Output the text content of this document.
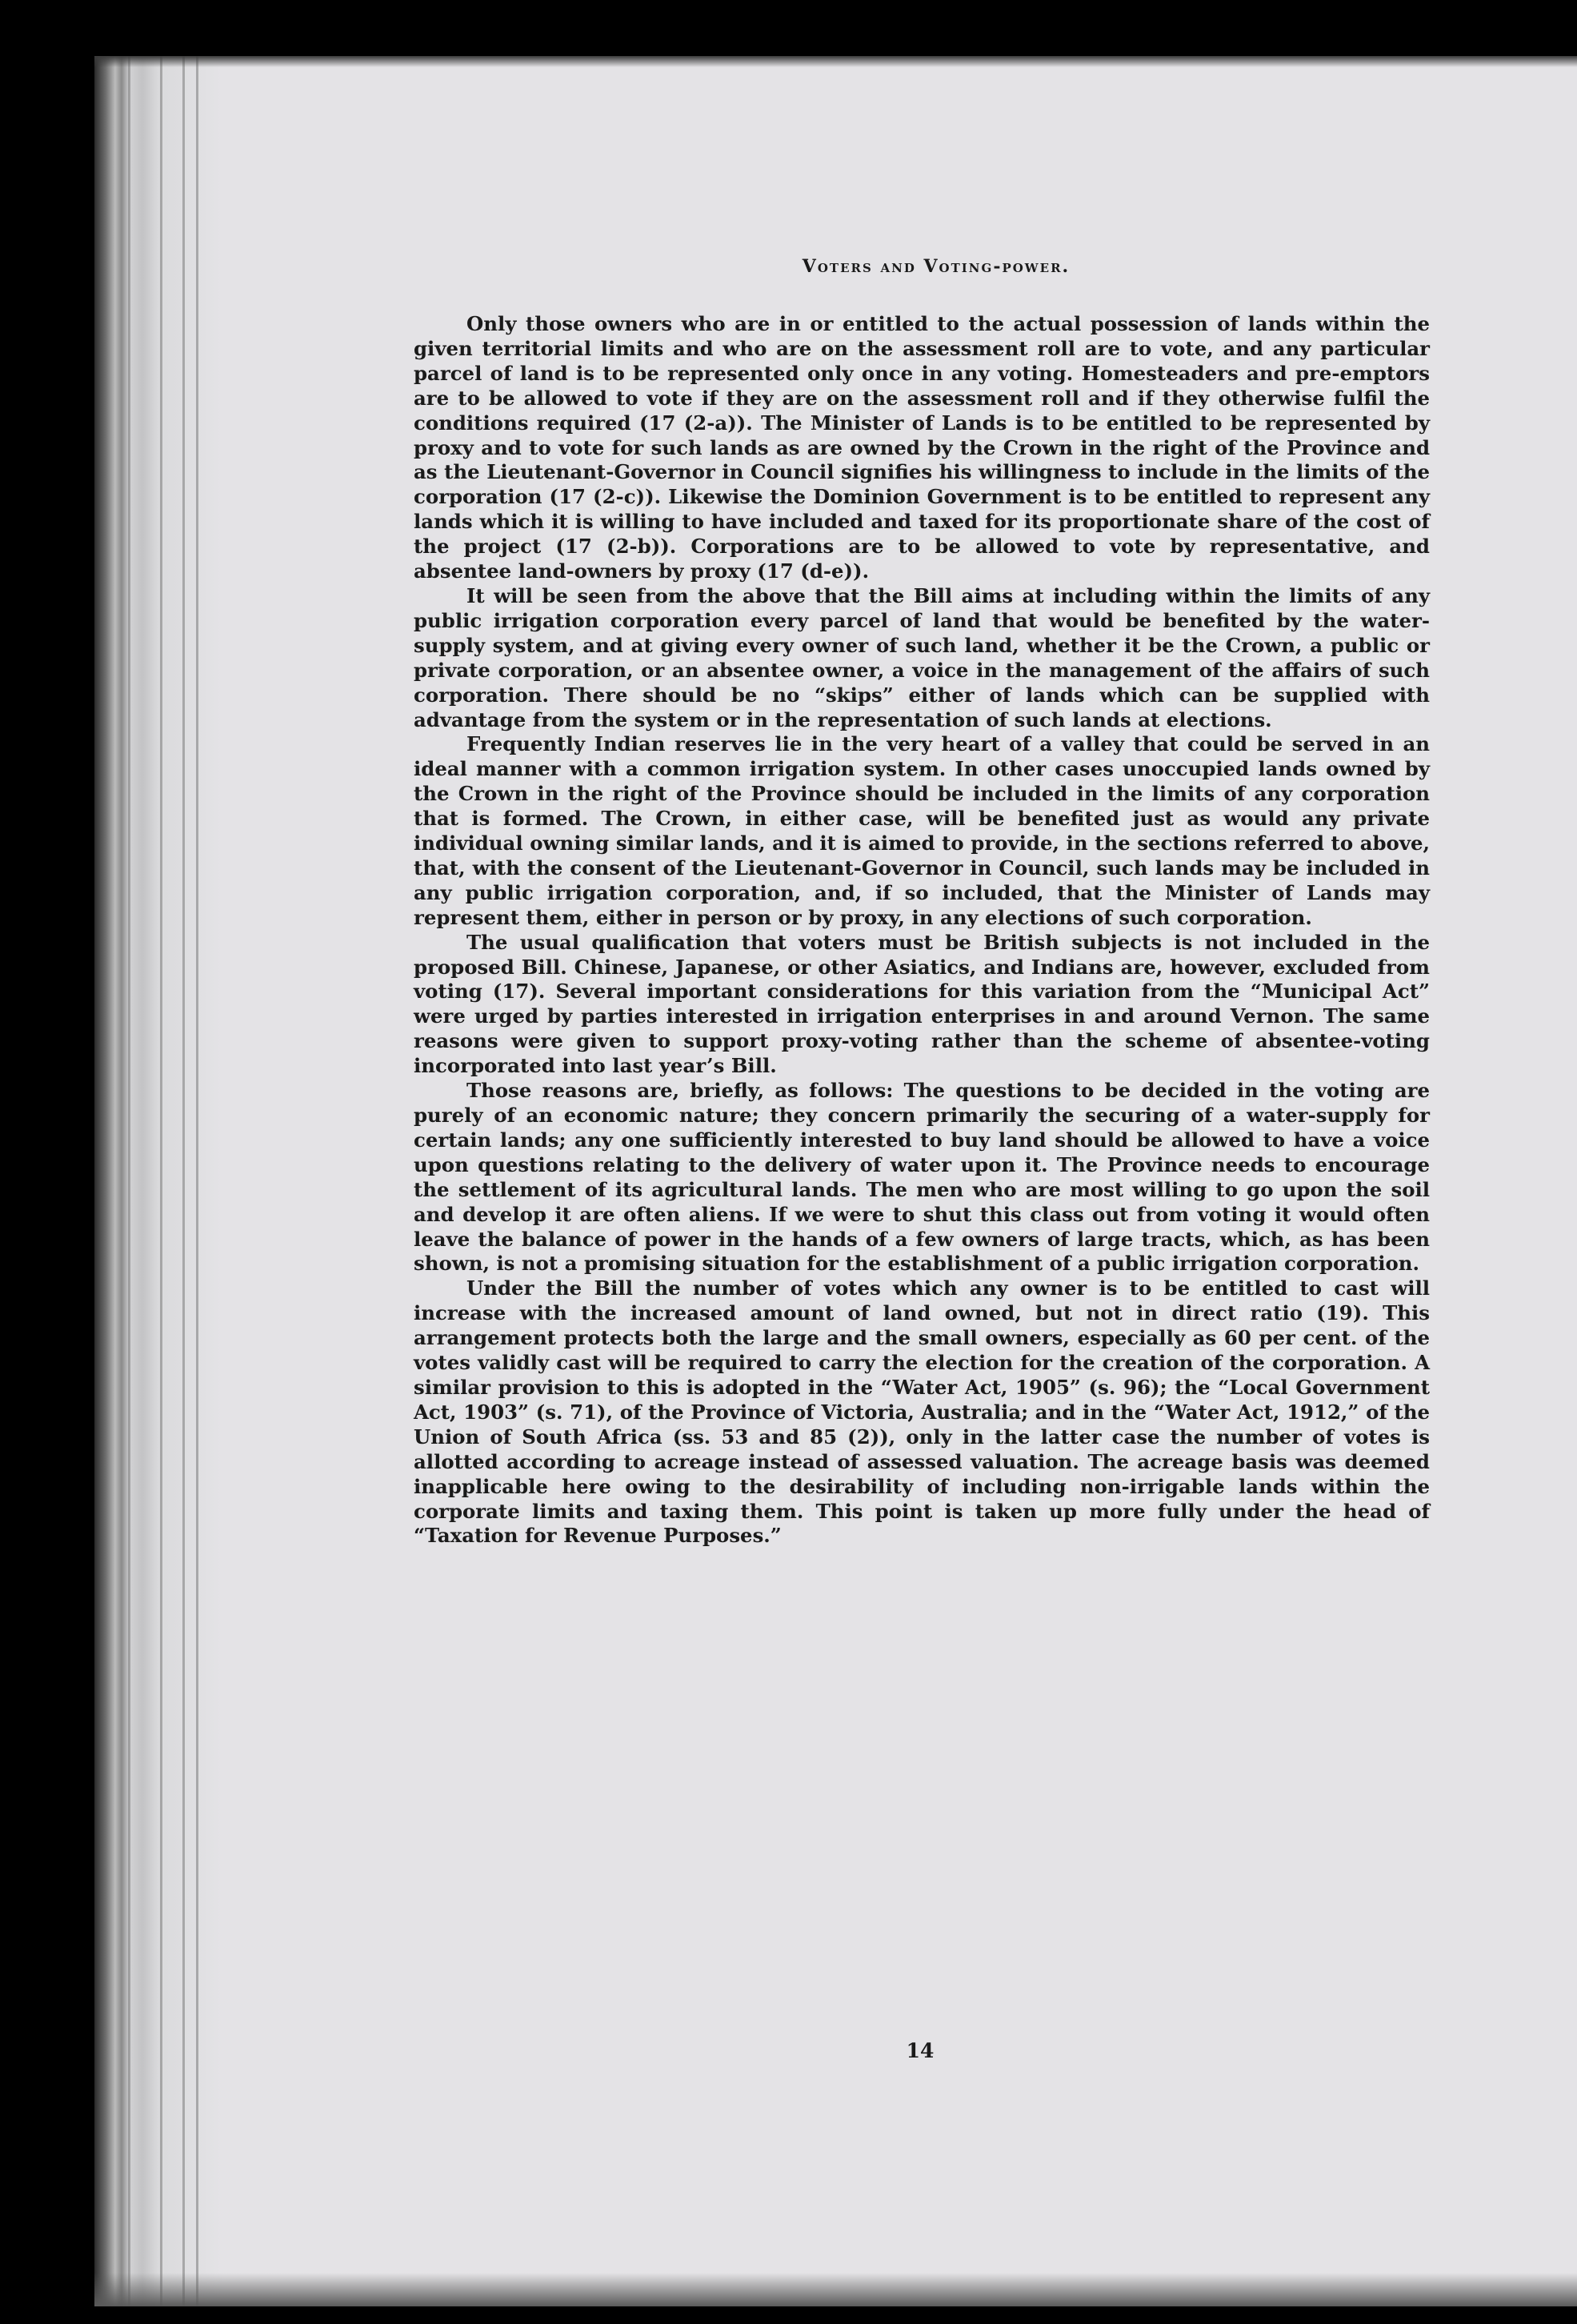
Voters and Voting-power.

Only those owners who are in or entitled to the actual possession of lands within the given territorial limits and who are on the assessment roll are to vote, and any particular parcel of land is to be represented only once in any voting. Homesteaders and pre-emptors are to be allowed to vote if they are on the assessment roll and if they otherwise fulfil the conditions required (17 (2-a)). The Minister of Lands is to be entitled to be represented by proxy and to vote for such lands as are owned by the Crown in the right of the Province and as the Lieutenant-Governor in Council signifies his willingness to include in the limits of the corporation (17 (2-c)). Likewise the Dominion Government is to be entitled to represent any lands which it is willing to have included and taxed for its proportionate share of the cost of the project (17 (2-b)). Corporations are to be allowed to vote by representative, and absentee land-owners by proxy (17 (d-e)).

It will be seen from the above that the Bill aims at including within the limits of any public irrigation corporation every parcel of land that would be benefited by the water-supply system, and at giving every owner of such land, whether it be the Crown, a public or private corporation, or an absentee owner, a voice in the management of the affairs of such corporation. There should be no “skips” either of lands which can be supplied with advantage from the system or in the representation of such lands at elections.

Frequently Indian reserves lie in the very heart of a valley that could be served in an ideal manner with a common irrigation system. In other cases unoccupied lands owned by the Crown in the right of the Province should be included in the limits of any corporation that is formed. The Crown, in either case, will be benefited just as would any private individual owning similar lands, and it is aimed to provide, in the sections referred to above, that, with the consent of the Lieutenant-Governor in Council, such lands may be included in any public irrigation corporation, and, if so included, that the Minister of Lands may represent them, either in person or by proxy, in any elections of such corporation.

The usual qualification that voters must be British subjects is not included in the proposed Bill. Chinese, Japanese, or other Asiatics, and Indians are, however, excluded from voting (17). Several important considerations for this variation from the “Municipal Act” were urged by parties interested in irrigation enterprises in and around Vernon. The same reasons were given to support proxy-voting rather than the scheme of absentee-voting incorporated into last year’s Bill.

Those reasons are, briefly, as follows: The questions to be decided in the voting are purely of an economic nature; they concern primarily the securing of a water-supply for certain lands; any one sufficiently interested to buy land should be allowed to have a voice upon questions relating to the delivery of water upon it. The Province needs to encourage the settlement of its agricultural lands. The men who are most willing to go upon the soil and develop it are often aliens. If we were to shut this class out from voting it would often leave the balance of power in the hands of a few owners of large tracts, which, as has been shown, is not a promising situation for the establishment of a public irrigation corporation.

Under the Bill the number of votes which any owner is to be entitled to cast will increase with the increased amount of land owned, but not in direct ratio (19). This arrangement protects both the large and the small owners, especially as 60 per cent. of the votes validly cast will be required to carry the election for the creation of the corporation. A similar provision to this is adopted in the “Water Act, 1905” (s. 96); the “Local Government Act, 1903” (s. 71), of the Province of Victoria, Australia; and in the “Water Act, 1912,” of the Union of South Africa (ss. 53 and 85 (2)), only in the latter case the number of votes is allotted according to acreage instead of assessed valuation. The acreage basis was deemed inapplicable here owing to the desirability of including non-irrigable lands within the corporate limits and taxing them. This point is taken up more fully under the head of “Taxation for Revenue Purposes.”

14
